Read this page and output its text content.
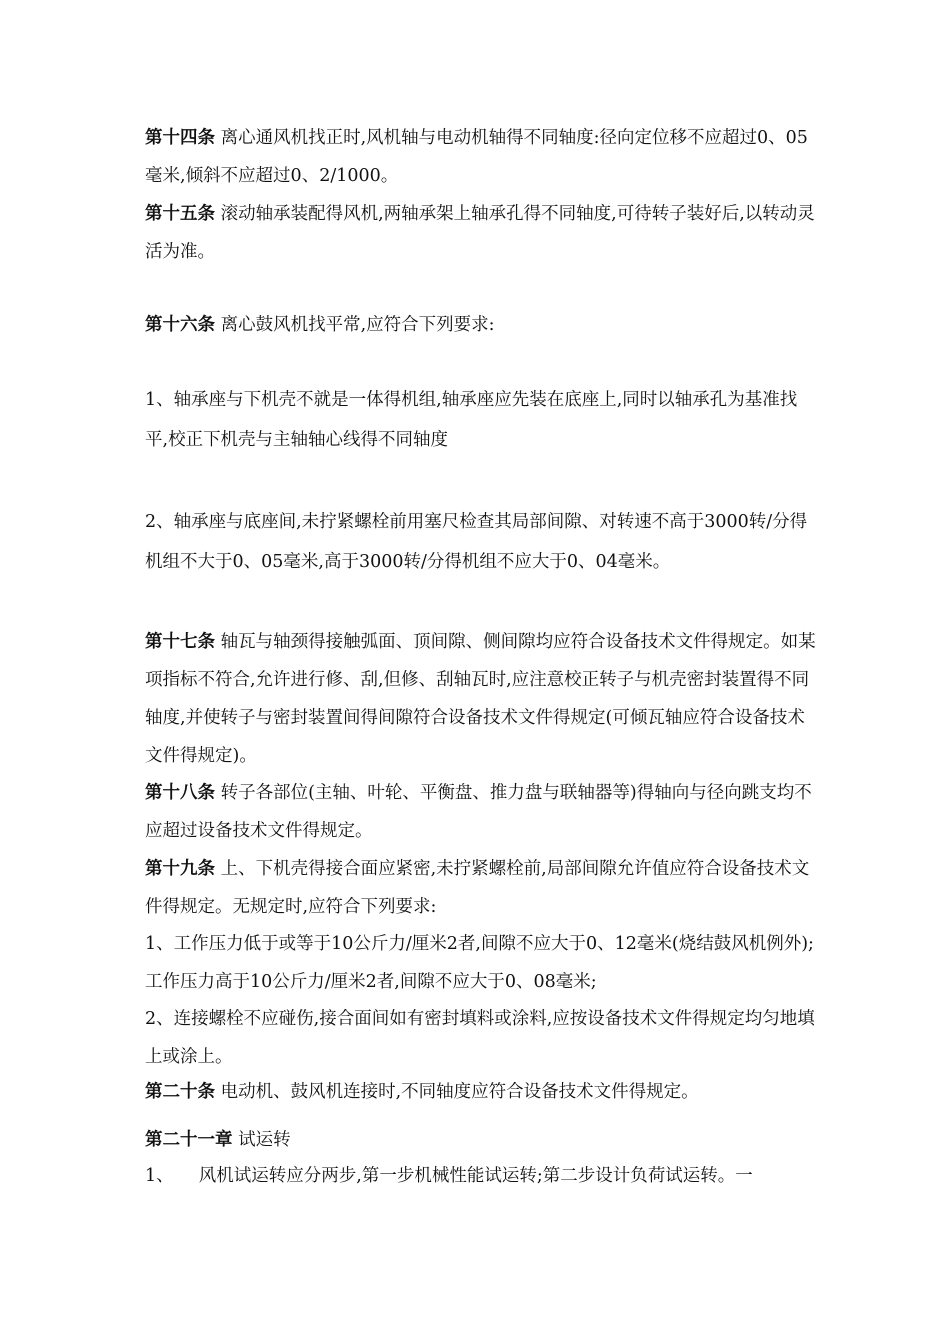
第十四条 离心通风机找正时,风机轴与电动机轴得不同轴度:径向定位移不应超过0、05毫米,倾斜不应超过0、2/1000。

第十五条 滚动轴承装配得风机,两轴承架上轴承孔得不同轴度,可待转子装好后,以转动灵活为准。

第十六条 离心鼓风机找平常,应符合下列要求:

1、轴承座与下机壳不就是一体得机组,轴承座应先装在底座上,同时以轴承孔为基准找平,校正下机壳与主轴轴心线得不同轴度

2、轴承座与底座间,未拧紧螺栓前用塞尺检查其局部间隙、对转速不高于3000转/分得机组不大于0、05毫米,高于3000转/分得机组不应大于0、04毫米。

第十七条 轴瓦与轴颈得接触弧面、顶间隙、侧间隙均应符合设备技术文件得规定。如某项指标不符合,允许进行修、刮,但修、刮轴瓦时,应注意校正转子与机壳密封装置得不同轴度,并使转子与密封装置间得间隙符合设备技术文件得规定(可倾瓦轴应符合设备技术文件得规定)。

第十八条 转子各部位(主轴、叶轮、平衡盘、推力盘与联轴器等)得轴向与径向跳支均不应超过设备技术文件得规定。

第十九条 上、下机壳得接合面应紧密,未拧紧螺栓前,局部间隙允许值应符合设备技术文件得规定。无规定时,应符合下列要求:

1、工作压力低于或等于10公斤力/厘米2者,间隙不应大于0、12毫米(烧结鼓风机例外);工作压力高于10公斤力/厘米2者,间隙不应大于0、08毫米;

2、连接螺栓不应碰伤,接合面间如有密封填料或涂料,应按设备技术文件得规定均匀地填上或涂上。

第二十条 电动机、鼓风机连接时,不同轴度应符合设备技术文件得规定。

第二十一章 试运转

1、 风机试运转应分两步,第一步机械性能试运转;第二步设计负荷试运转。一
